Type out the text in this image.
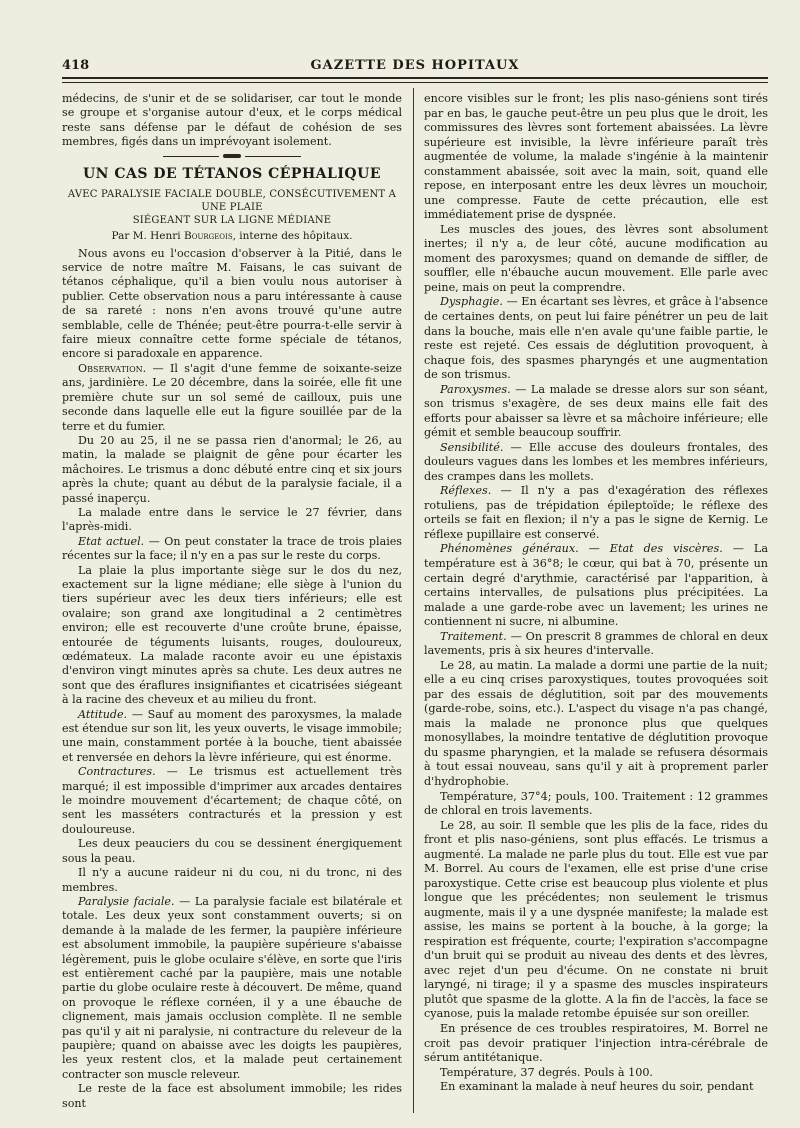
418	GAZETTE DES HOPITAUX

médecins, de s'unir et de se solidariser, car tout le monde se groupe et s'organise autour d'eux, et le corps médical reste sans défense par le défaut de cohésion de ses membres, figés dans un imprévoyant isolement.

UN CAS DE TÉTANOS CÉPHALIQUE
AVEC PARALYSIE FACIALE DOUBLE, CONSÉCUTIVEMENT A UNE PLAIE
SIÉGEANT SUR LA LIGNE MÉDIANE
Par M. Henri Bourgeois, interne des hôpitaux.

Nous avons eu l'occasion d'observer à la Pitié, dans le service de notre maître M. Faisans, le cas suivant de tétanos céphalique, qu'il a bien voulu nous autoriser à publier. Cette observation nous a paru intéressante à cause de sa rareté : nons n'en avons trouvé qu'une autre semblable, celle de Thénée; peut-être pourra-t-elle servir à faire mieux connaître cette forme spéciale de tétanos, encore si paradoxale en apparence.

Observation. — Il s'agit d'une femme de soixante-seize ans, jardinière. Le 20 décembre, dans la soirée, elle fit une première chute sur un sol semé de cailloux, puis une seconde dans laquelle elle eut la figure souillée par de la terre et du fumier.

Du 20 au 25, il ne se passa rien d'anormal; le 26, au matin, la malade se plaignit de gêne pour écarter les mâchoires. Le trismus a donc débuté entre cinq et six jours après la chute; quant au début de la paralysie faciale, il a passé inaperçu.

La malade entre dans le service le 27 février, dans l'après-midi.

Etat actuel. — On peut constater la trace de trois plaies récentes sur la face; il n'y en a pas sur le reste du corps.

La plaie la plus importante siège sur le dos du nez, exactement sur la ligne médiane; elle siège à l'union du tiers supérieur avec les deux tiers inférieurs; elle est ovalaire; son grand axe longitudinal a 2 centimètres environ; elle est recouverte d'une croûte brune, épaisse, entourée de téguments luisants, rouges, douloureux, œdémateux. La malade raconte avoir eu une épistaxis d'environ vingt minutes après sa chute. Les deux autres ne sont que des éraflures insignifiantes et cicatrisées siégeant à la racine des cheveux et au milieu du front.

Attitude. — Sauf au moment des paroxysmes, la malade est étendue sur son lit, les yeux ouverts, le visage immobile; une main, constamment portée à la bouche, tient abaissée et renversée en dehors la lèvre inférieure, qui est énorme.

Contractures. — Le trismus est actuellement très marqué; il est impossible d'imprimer aux arcades dentaires le moindre mouvement d'écartement; de chaque côté, on sent les masséters contracturés et la pression y est douloureuse.

Les deux peauciers du cou se dessinent énergiquement sous la peau.

Il n'y a aucune raideur ni du cou, ni du tronc, ni des membres.

Paralysie faciale. — La paralysie faciale est bilatérale et totale. Les deux yeux sont constamment ouverts; si on demande à la malade de les fermer, la paupière inférieure est absolument immobile, la paupière supérieure s'abaisse légèrement, puis le globe oculaire s'élève, en sorte que l'iris est entièrement caché par la paupière, mais une notable partie du globe oculaire reste à découvert. De même, quand on provoque le réflexe cornéen, il y a une ébauche de clignement, mais jamais occlusion complète. Il ne semble pas qu'il y ait ni paralysie, ni contracture du releveur de la paupière; quand on abaisse avec les doigts les paupières, les yeux restent clos, et la malade peut certainement contracter son muscle releveur.

Le reste de la face est absolument immobile; les rides sont

encore visibles sur le front; les plis naso-géniens sont tirés par en bas, le gauche peut-être un peu plus que le droit, les commissures des lèvres sont fortement abaissées. La lèvre supérieure est invisible, la lèvre inférieure paraît très augmentée de volume, la malade s'ingénie à la maintenir constamment abaissée, soit avec la main, soit, quand elle repose, en interposant entre les deux lèvres un mouchoir, une compresse. Faute de cette précaution, elle est immédiatement prise de dyspnée.

Les muscles des joues, des lèvres sont absolument inertes; il n'y a, de leur côté, aucune modification au moment des paroxysmes; quand on demande de siffler, de souffler, elle n'ébauche aucun mouvement. Elle parle avec peine, mais on peut la comprendre.

Dysphagie. — En écartant ses lèvres, et grâce à l'absence de certaines dents, on peut lui faire pénétrer un peu de lait dans la bouche, mais elle n'en avale qu'une faible partie, le reste est rejeté. Ces essais de déglutition provoquent, à chaque fois, des spasmes pharyngés et une augmentation de son trismus.

Paroxysmes. — La malade se dresse alors sur son séant, son trismus s'exagère, de ses deux mains elle fait des efforts pour abaisser sa lèvre et sa mâchoire inférieure; elle gémit et semble beaucoup souffrir.

Sensibilité. — Elle accuse des douleurs frontales, des douleurs vagues dans les lombes et les membres inférieurs, des crampes dans les mollets.

Réflexes. — Il n'y a pas d'exagération des réflexes rotuliens, pas de trépidation épileptoïde; le réflexe des orteils se fait en flexion; il n'y a pas le signe de Kernig. Le réflexe pupillaire est conservé.

Phénomènes généraux. — Etat des viscères. — La température est à 36°8; le cœur, qui bat à 70, présente un certain degré d'arythmie, caractérisé par l'apparition, à certains intervalles, de pulsations plus précipitées. La malade a une garde-robe avec un lavement; les urines ne contiennent ni sucre, ni albumine.

Traitement. — On prescrit 8 grammes de chloral en deux lavements, pris à six heures d'intervalle.

Le 28, au matin. La malade a dormi une partie de la nuit; elle a eu cinq crises paroxystiques, toutes provoquées soit par des essais de déglutition, soit par des mouvements (garde-robe, soins, etc.). L'aspect du visage n'a pas changé, mais la malade ne prononce plus que quelques monosyllabes, la moindre tentative de déglutition provoque du spasme pharyngien, et la malade se refusera désormais à tout essai nouveau, sans qu'il y ait à proprement parler d'hydrophobie.

Température, 37°4; pouls, 100. Traitement : 12 grammes de chloral en trois lavements.

Le 28, au soir. Il semble que les plis de la face, rides du front et plis naso-géniens, sont plus effacés. Le trismus a augmenté. La malade ne parle plus du tout. Elle est vue par M. Borrel. Au cours de l'examen, elle est prise d'une crise paroxystique. Cette crise est beaucoup plus violente et plus longue que les précédentes; non seulement le trismus augmente, mais il y a une dyspnée manifeste; la malade est assise, les mains se portent à la bouche, à la gorge; la respiration est fréquente, courte; l'expiration s'accompagne d'un bruit qui se produit au niveau des dents et des lèvres, avec rejet d'un peu d'écume. On ne constate ni bruit laryngé, ni tirage; il y a spasme des muscles inspirateurs plutôt que spasme de la glotte. A la fin de l'accès, la face se cyanose, puis la malade retombe épuisée sur son oreiller.

En présence de ces troubles respiratoires, M. Borrel ne croit pas devoir pratiquer l'injection intra-cérébrale de sérum antitétanique.

Température, 37 degrés. Pouls à 100.

En examinant la malade à neuf heures du soir, pendant
